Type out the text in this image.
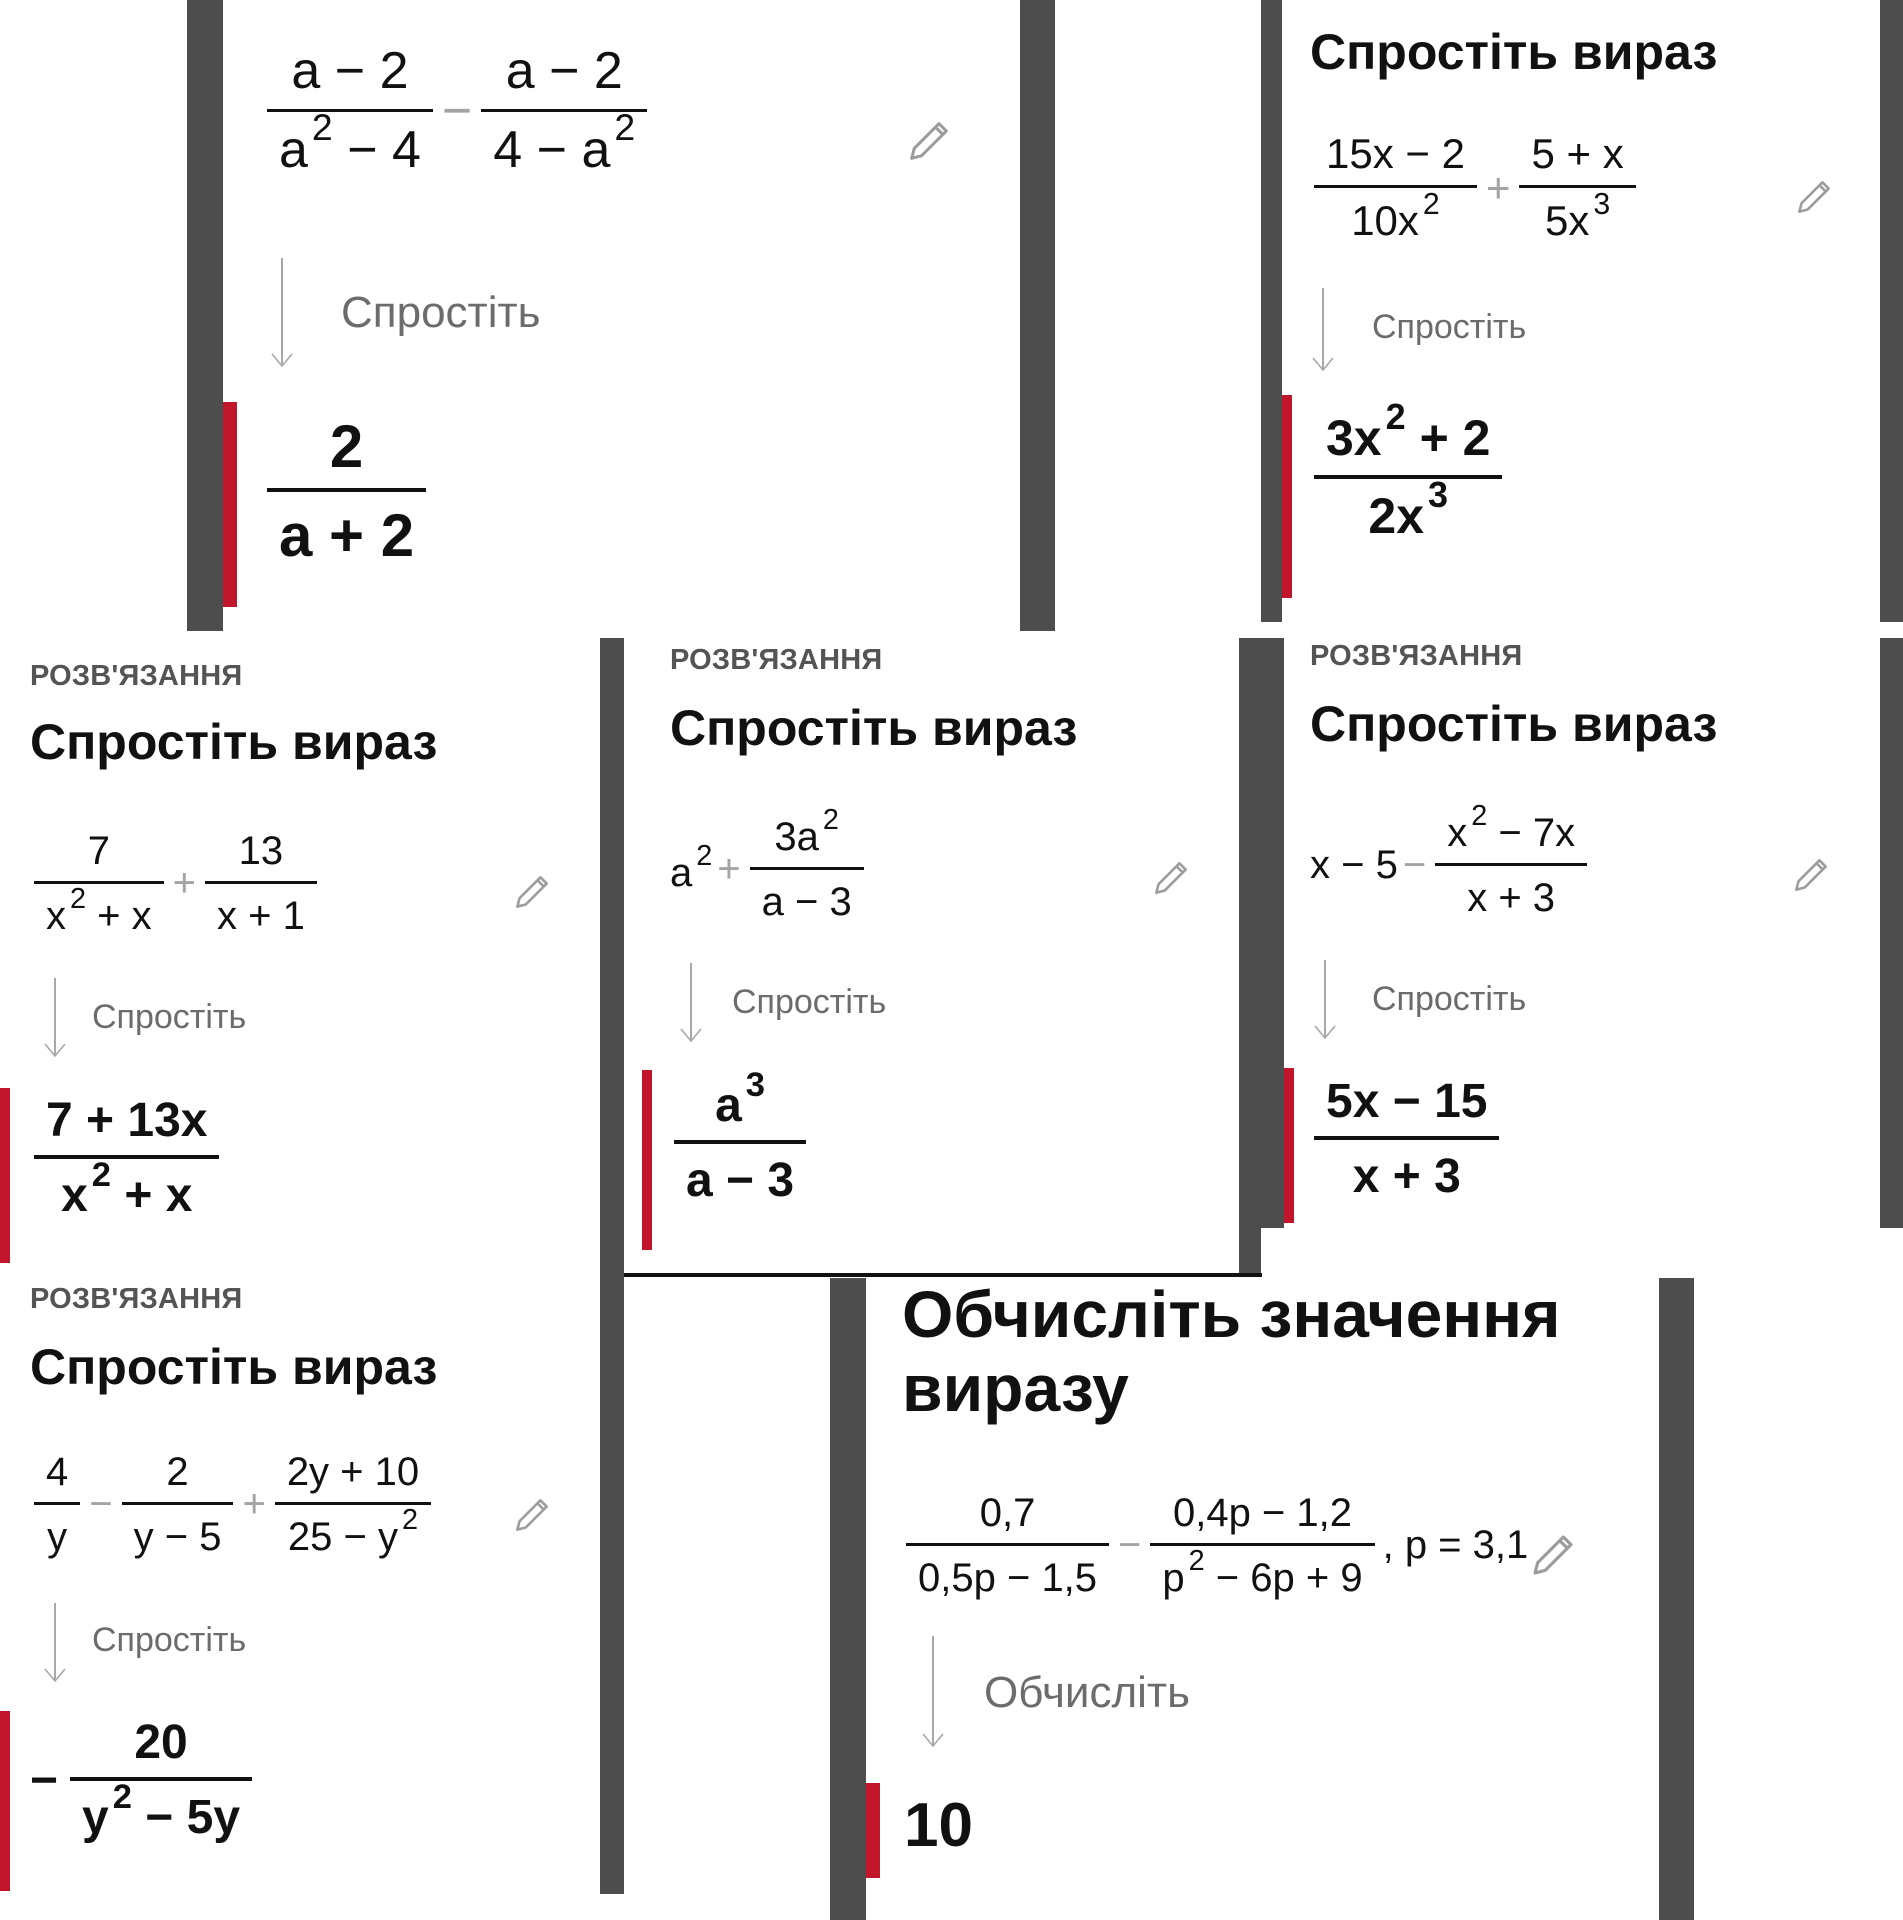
$\frac{a - 2}{a ^2 - 4} - \frac{a - 2}{4 - a ^2}$
Спростіть
$\frac{2}{a + 2}$
Спростіть вираз
$\frac{15x - 2}{10x ^2} + \frac{5 + x}{5x ^3}$
Спростіть
$\frac{3x ^2 + 2}{2x ^3}$
РОЗВ'ЯЗАННЯ
Спростіть вираз
$\frac{7}{x ^2 + x} + \frac{13}{x + 1}$
Спростіть
$\frac{7 + 13x}{x ^2 + x}$
РОЗВ'ЯЗАННЯ
Спростіть вираз
a $^2 + \frac{3a ^2}{a - 3}$
Спростіть
$\frac{a ^3}{a - 3}$
РОЗВ'ЯЗАННЯ
Спростіть вираз
$x - 5 - \frac{x ^2 - 7x}{x + 3}$
Спростіть
$\frac{5x - 15}{x + 3}$
РОЗВ'ЯЗАННЯ
Спростіть вираз
$\frac{4}{y} - \frac{2}{y - 5} + \frac{2y + 10}{25 - y ^2}$
Спростіть
− $\frac{20}{y ^2 - 5y}$
Обчисліть значення виразу
$\frac{0,7}{0,5p - 1,5} - \frac{0,4p - 1,2}{p ^2 - 6p + 9}$ , p = 3,1
Обчисліть
10
